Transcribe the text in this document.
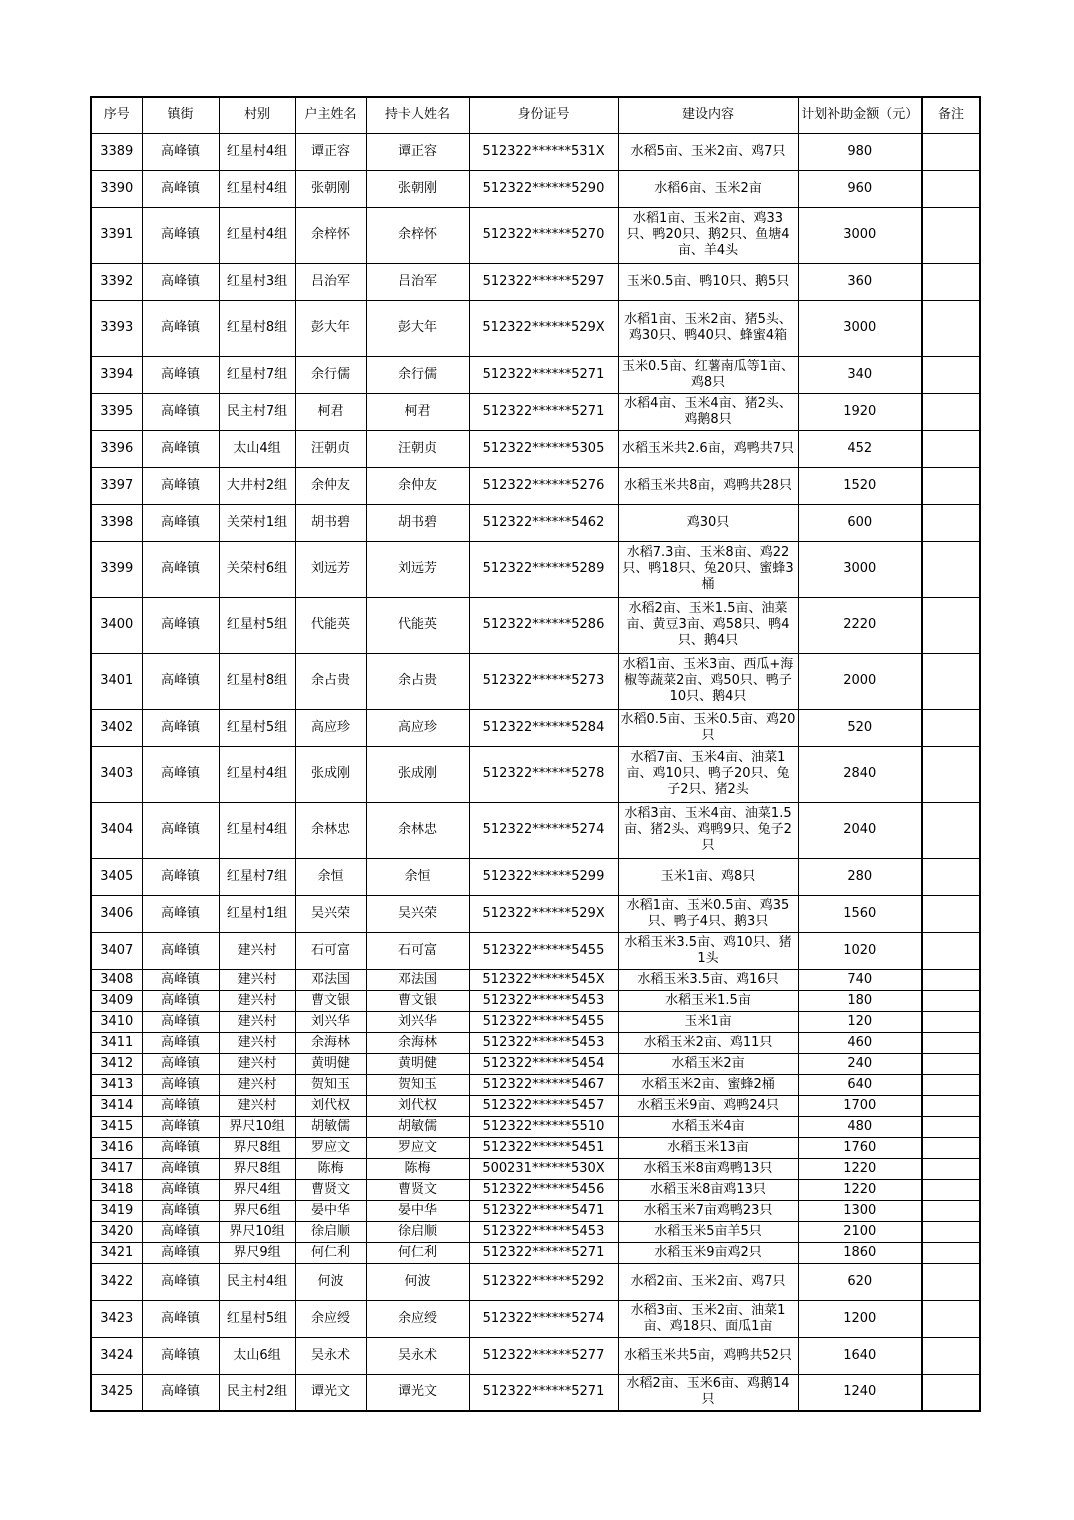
序号	镇街	村别	户主姓名	持卡人姓名	身份证号	建设内容	计划补助金额（元）	备注
3389	高峰镇	红星村4组	谭正容	谭正容	512322******531X	水稻5亩、玉米2亩、鸡7只	980	
3390	高峰镇	红星村4组	张朝刚	张朝刚	512322******5290	水稻6亩、玉米2亩	960	
3391	高峰镇	红星村4组	余梓怀	余梓怀	512322******5270	水稻1亩、玉米2亩、鸡33只、鸭20只、鹅2只、鱼塘4亩、羊4头	3000	
3392	高峰镇	红星村3组	吕治军	吕治军	512322******5297	玉米0.5亩、鸭10只、鹅5只	360	
3393	高峰镇	红星村8组	彭大年	彭大年	512322******529X	水稻1亩、玉米2亩、猪5头、鸡30只、鸭40只、蜂蜜4箱	3000	
3394	高峰镇	红星村7组	余行儒	余行儒	512322******5271	玉米0.5亩、红薯南瓜等1亩、鸡8只	340	
3395	高峰镇	民主村7组	柯君	柯君	512322******5271	水稻4亩、玉米4亩、猪2头、鸡鹅8只	1920	
3396	高峰镇	太山4组	汪朝贞	汪朝贞	512322******5305	水稻玉米共2.6亩，鸡鸭共7只	452	
3397	高峰镇	大井村2组	余仲友	余仲友	512322******5276	水稻玉米共8亩，鸡鸭共28只	1520	
3398	高峰镇	关荣村1组	胡书碧	胡书碧	512322******5462	鸡30只	600	
3399	高峰镇	关荣村6组	刘远芳	刘远芳	512322******5289	水稻7.3亩、玉米8亩、鸡22只、鸭18只、兔20只、蜜蜂3桶	3000	
3400	高峰镇	红星村5组	代能英	代能英	512322******5286	水稻2亩、玉米1.5亩、油菜亩、黄豆3亩、鸡58只、鸭4只、鹅4只	2220	
3401	高峰镇	红星村8组	余占贵	余占贵	512322******5273	水稻1亩、玉米3亩、西瓜+海椒等蔬菜2亩、鸡50只、鸭子10只、鹅4只	2000	
3402	高峰镇	红星村5组	高应珍	高应珍	512322******5284	水稻0.5亩、玉米0.5亩、鸡20只	520	
3403	高峰镇	红星村4组	张成刚	张成刚	512322******5278	水稻7亩、玉米4亩、油菜1亩、鸡10只、鸭子20只、兔子2只、猪2头	2840	
3404	高峰镇	红星村4组	余林忠	余林忠	512322******5274	水稻3亩、玉米4亩、油菜1.5亩、猪2头、鸡鸭9只、兔子2只	2040	
3405	高峰镇	红星村7组	余恒	余恒	512322******5299	玉米1亩、鸡8只	280	
3406	高峰镇	红星村1组	吴兴荣	吴兴荣	512322******529X	水稻1亩、玉米0.5亩、鸡35只、鸭子4只、鹅3只	1560	
3407	高峰镇	建兴村	石可富	石可富	512322******5455	水稻玉米3.5亩、鸡10只、猪1头	1020	
3408	高峰镇	建兴村	邓法国	邓法国	512322******545X	水稻玉米3.5亩、鸡16只	740	
3409	高峰镇	建兴村	曹文银	曹文银	512322******5453	水稻玉米1.5亩	180	
3410	高峰镇	建兴村	刘兴华	刘兴华	512322******5455	玉米1亩	120	
3411	高峰镇	建兴村	余海林	余海林	512322******5453	水稻玉米2亩、鸡11只	460	
3412	高峰镇	建兴村	黄明健	黄明健	512322******5454	水稻玉米2亩	240	
3413	高峰镇	建兴村	贺知玉	贺知玉	512322******5467	水稻玉米2亩、蜜蜂2桶	640	
3414	高峰镇	建兴村	刘代权	刘代权	512322******5457	水稻玉米9亩、鸡鸭24只	1700	
3415	高峰镇	界尺10组	胡敏儒	胡敏儒	512322******5510	水稻玉米4亩	480	
3416	高峰镇	界尺8组	罗应文	罗应文	512322******5451	水稻玉米13亩	1760	
3417	高峰镇	界尺8组	陈梅	陈梅	500231******530X	水稻玉米8亩鸡鸭13只	1220	
3418	高峰镇	界尺4组	曹贤文	曹贤文	512322******5456	水稻玉米8亩鸡13只	1220	
3419	高峰镇	界尺6组	晏中华	晏中华	512322******5471	水稻玉米7亩鸡鸭23只	1300	
3420	高峰镇	界尺10组	徐启顺	徐启顺	512322******5453	水稻玉米5亩羊5只	2100	
3421	高峰镇	界尺9组	何仁利	何仁利	512322******5271	水稻玉米9亩鸡2只	1860	
3422	高峰镇	民主村4组	何波	何波	512322******5292	水稻2亩、玉米2亩、鸡7只	620	
3423	高峰镇	红星村5组	余应绶	余应绶	512322******5274	水稻3亩、玉米2亩、油菜1亩、鸡18只、面瓜1亩	1200	
3424	高峰镇	太山6组	吴永术	吴永术	512322******5277	水稻玉米共5亩，鸡鸭共52只	1640	
3425	高峰镇	民主村2组	谭光文	谭光文	512322******5271	水稻2亩、玉米6亩、鸡鹅14只	1240	
